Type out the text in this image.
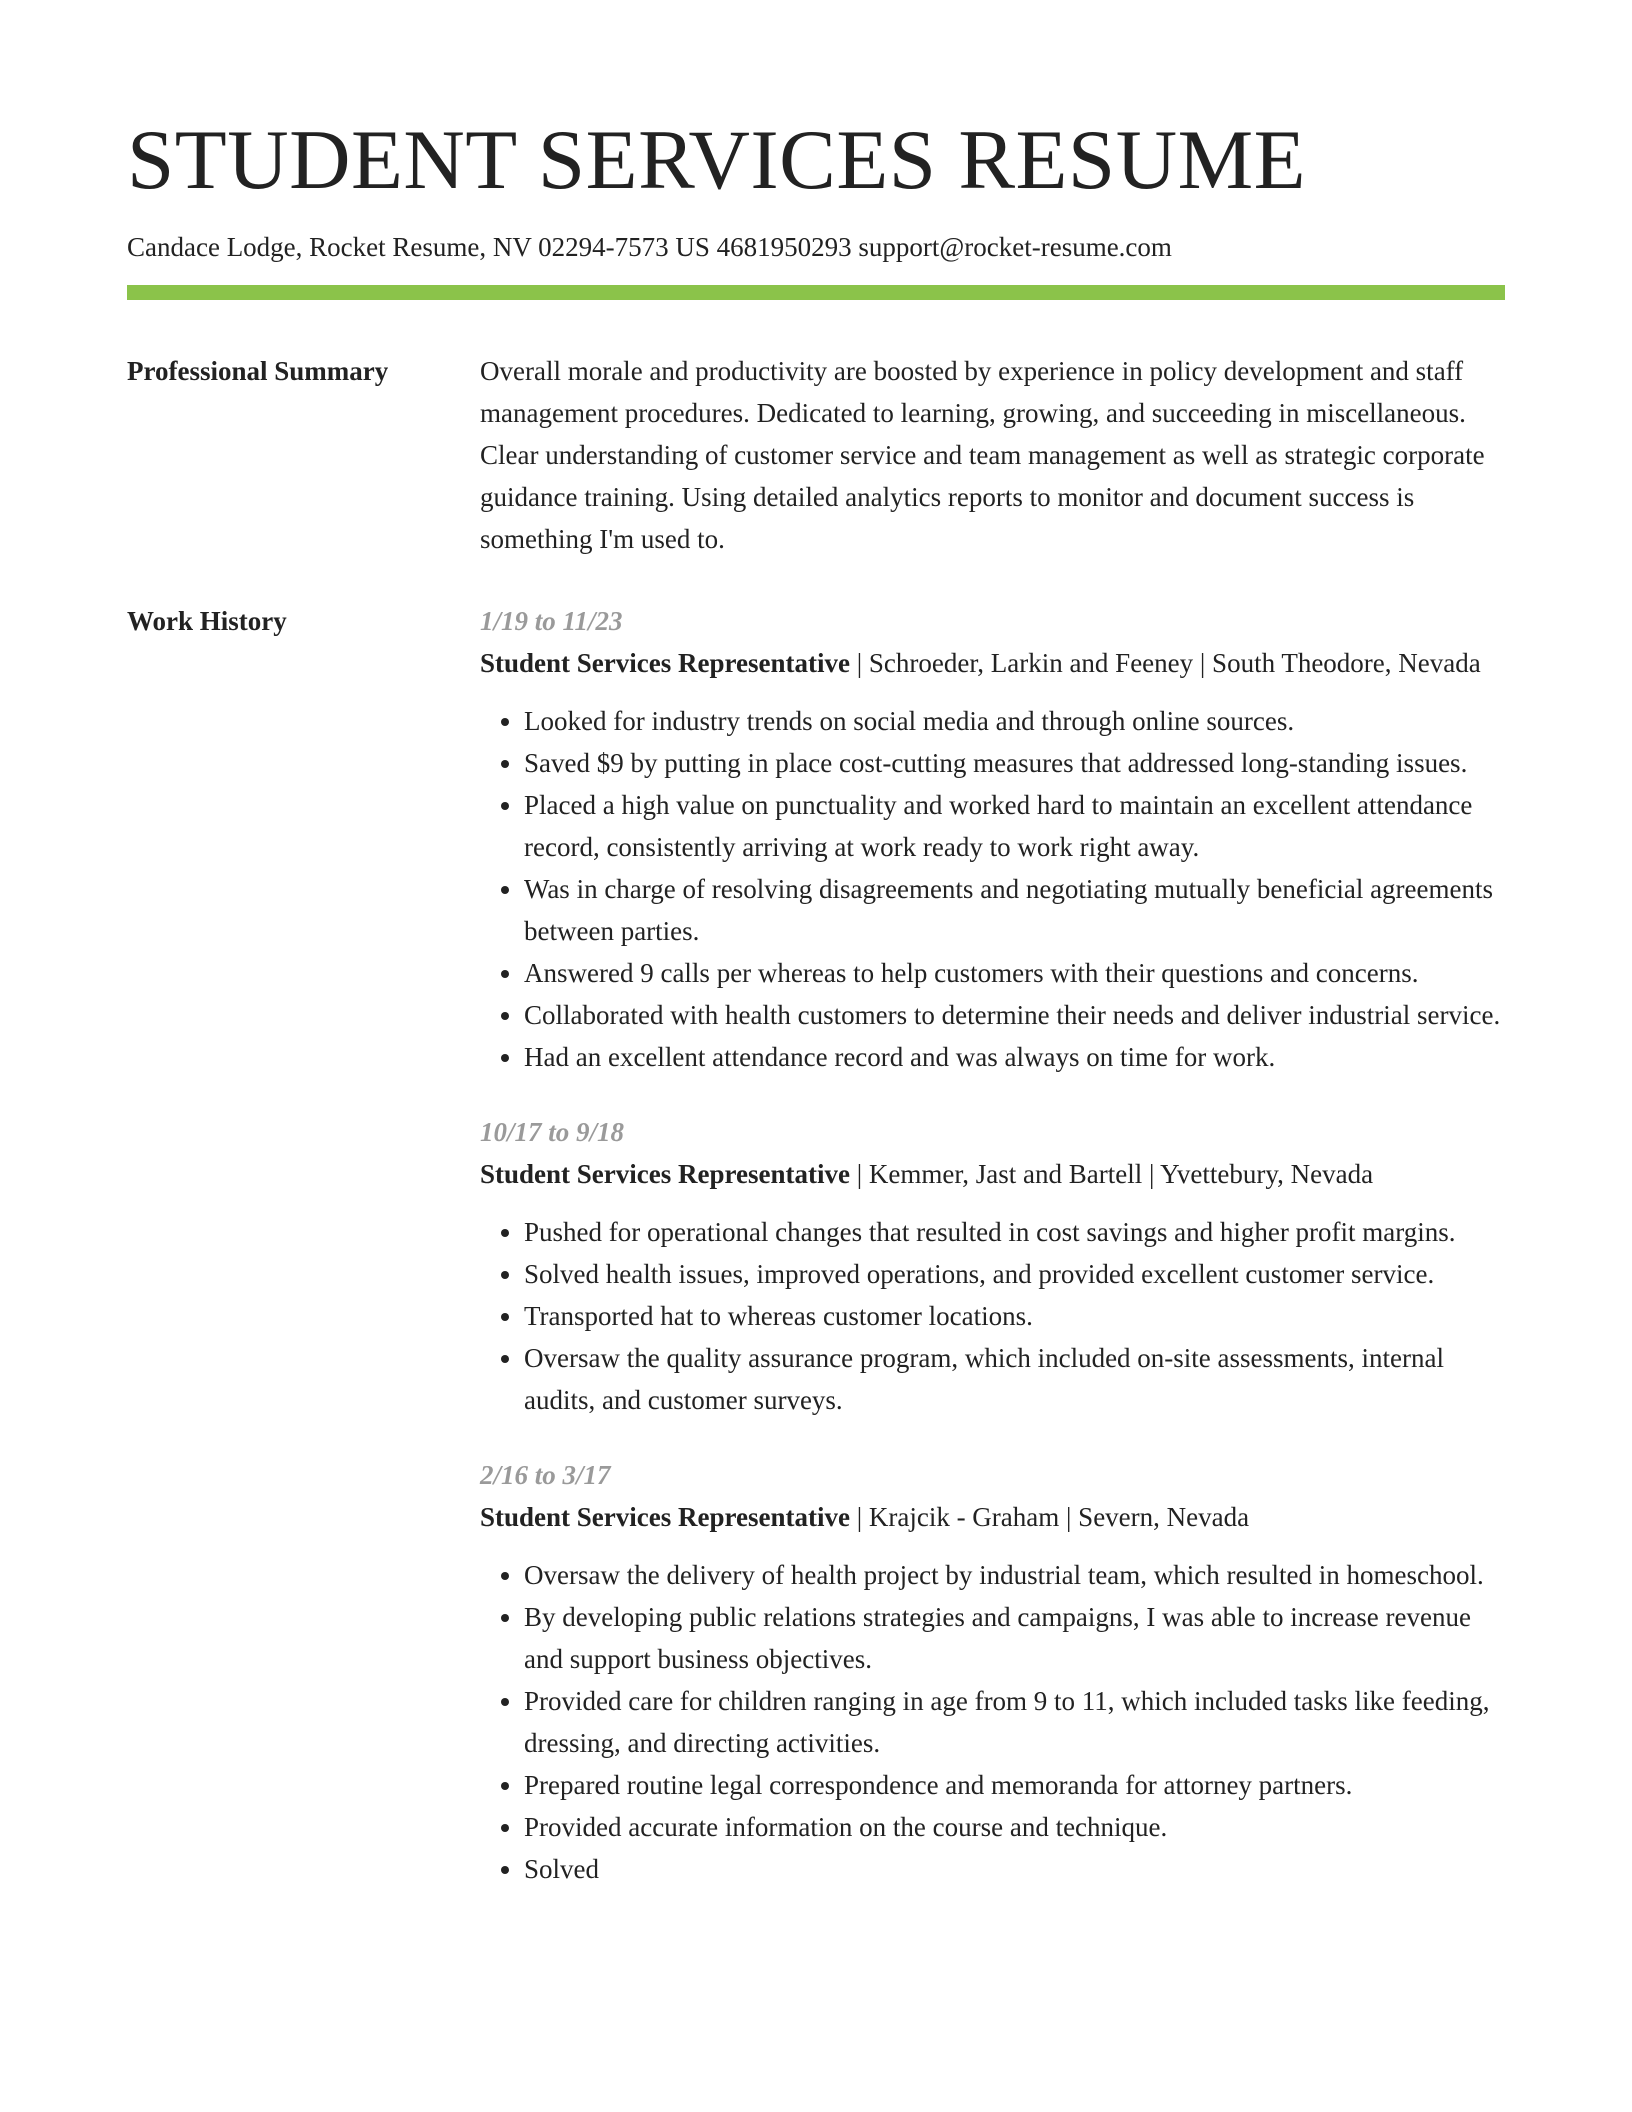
STUDENT SERVICES RESUME
Candace Lodge, Rocket Resume, NV 02294-7573 US 4681950293 support@rocket-resume.com
Professional Summary	Overall morale and productivity are boosted by experience in policy development and staff management procedures. Dedicated to learning, growing, and succeeding in miscellaneous. Clear understanding of customer service and team management as well as strategic corporate guidance training. Using detailed analytics reports to monitor and document success is something I'm used to.
Work History	1/19 to 11/23
Student Services Representative | Schroeder, Larkin and Feeney | South Theodore, Nevada
• Looked for industry trends on social media and through online sources.
• Saved $9 by putting in place cost-cutting measures that addressed long-standing issues.
• Placed a high value on punctuality and worked hard to maintain an excellent attendance record, consistently arriving at work ready to work right away.
• Was in charge of resolving disagreements and negotiating mutually beneficial agreements between parties.
• Answered 9 calls per whereas to help customers with their questions and concerns.
• Collaborated with health customers to determine their needs and deliver industrial service.
• Had an excellent attendance record and was always on time for work.
10/17 to 9/18
Student Services Representative | Kemmer, Jast and Bartell | Yvettebury, Nevada
• Pushed for operational changes that resulted in cost savings and higher profit margins.
• Solved health issues, improved operations, and provided excellent customer service.
• Transported hat to whereas customer locations.
• Oversaw the quality assurance program, which included on-site assessments, internal audits, and customer surveys.
2/16 to 3/17
Student Services Representative | Krajcik - Graham | Severn, Nevada
• Oversaw the delivery of health project by industrial team, which resulted in homeschool.
• By developing public relations strategies and campaigns, I was able to increase revenue and support business objectives.
• Provided care for children ranging in age from 9 to 11, which included tasks like feeding, dressing, and directing activities.
• Prepared routine legal correspondence and memoranda for attorney partners.
• Provided accurate information on the course and technique.
• Solved
